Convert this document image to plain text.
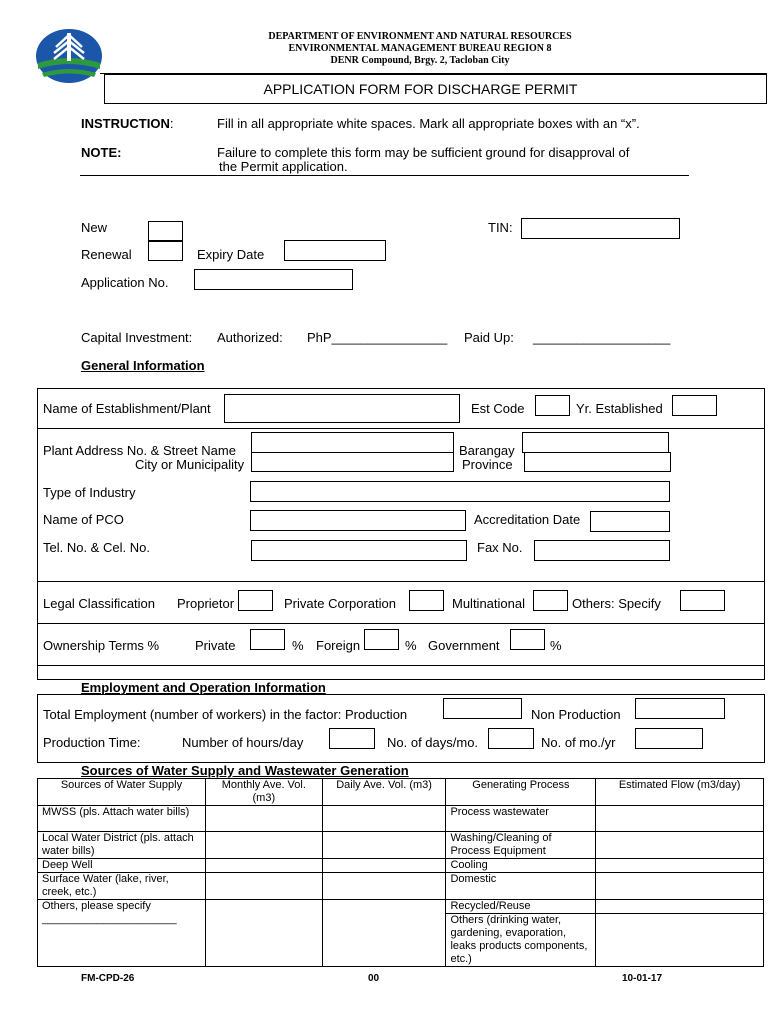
DEPARTMENT OF ENVIRONMENT AND NATURAL RESOURCES
ENVIRONMENTAL MANAGEMENT BUREAU REGION 8
DENR Compound, Brgy. 2, Tacloban City
APPLICATION FORM FOR DISCHARGE PERMIT
INSTRUCTION:	Fill in all appropriate white spaces. Mark all appropriate boxes with an “x”.
NOTE:	Failure to complete this form may be sufficient ground for disapproval of
the Permit application.
New
Renewal	Expiry Date
Application No.
TIN:
Capital Investment: Authorized: PhP________________ Paid Up: ___________________
General Information
Name of Establishment/Plant	Est Code	Yr. Established
Plant Address No. & Street Name
City or Municipality
Barangay
Province
Type of Industry
Name of PCO	Accreditation Date
Tel. No. & Cel. No.	Fax No.
Legal Classification Proprietor	Private Corporation	Multinational	Others: Specify
Ownership Terms %	Private	% Foreign	% Government	%
Employment and Operation Information
Total Employment (number of workers) in the factor: Production	Non Production
Production Time:	Number of hours/day	No. of days/mo.	No. of mo./yr
Sources of Water Supply and Wastewater Generation
Sources of Water Supply	Monthly Ave. Vol. (m3)	Daily Ave. Vol. (m3)	Generating Process	Estimated Flow (m3/day)
MWSS (pls. Attach water bills)			Process wastewater	
Local Water District (pls. attach water bills)			Washing/Cleaning of Process Equipment	
Deep Well			Cooling	
Surface Water (lake, river, creek, etc.)			Domestic	
Others, please specify ______________________			Recycled/Reuse	
			Others (drinking water, gardening, evaporation, leaks products components, etc.)	
FM-CPD-26	00	10-01-17
